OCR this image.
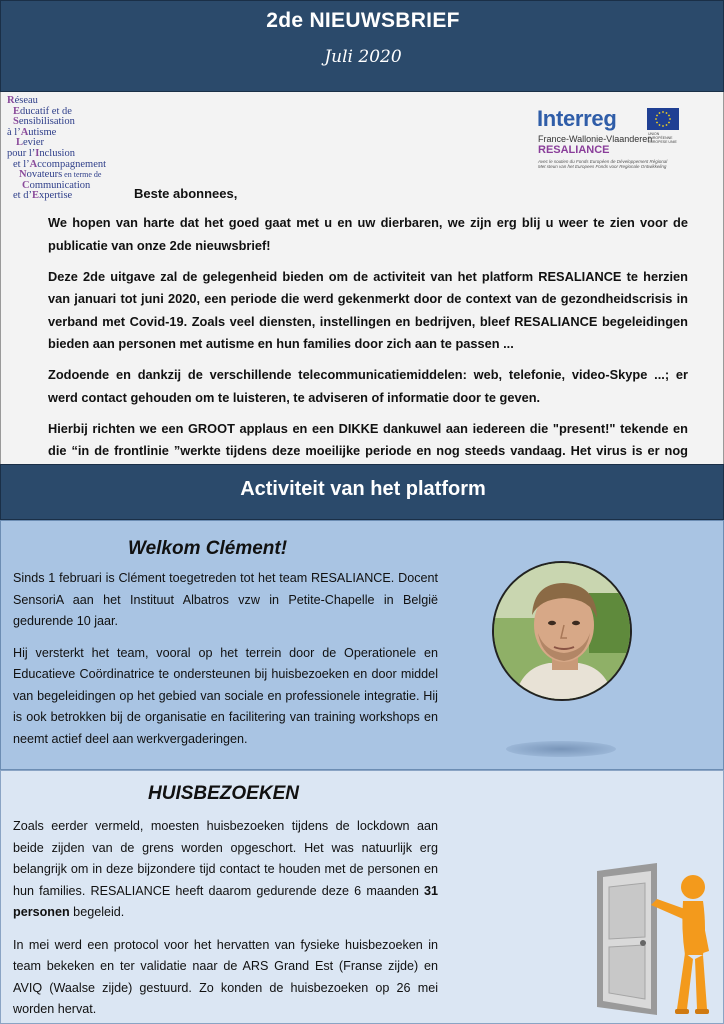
2de NIEUWSBRIEF
Juli 2020
Réseau
Educatif et de
Sensibilisation
à l’Autisme
Levier
pour l’Inclusion
et l’Accompagnement
Novateurs en terme de
Communication
et d’Expertise
Interreg
UNION EUROPÉENNE EUROPESE UNIE
France-Wallonie-Vlaanderen
RESALIANCE
Avec le soutien du Fonds Européen de Développement Régional
Met steun van het Europees Fonds voor Regionale Ontwikkeling
Beste abonnees,

We hopen van harte dat het goed gaat met u en uw dierbaren, we zijn erg blij u weer te zien voor de publicatie van onze 2de nieuwsbrief!

Deze 2de uitgave zal de gelegenheid bieden om de activiteit van het platform RESALIANCE te herzien van januari tot juni 2020, een periode die werd gekenmerkt door de context van de gezondheidscrisis in verband met Covid-19. Zoals veel diensten, instellingen en bedrijven, bleef RESALIANCE begeleidingen bieden aan personen met autisme en hun families door zich aan te passen ...

Zodoende en dankzij de verschillende telecommunicatiemiddelen: web, telefonie, video-Skype ...; er werd contact gehouden om te luisteren, te adviseren of informatie door te geven.

Hierbij richten we een GROOT applaus en een DIKKE dankuwel aan iedereen die "present!" tekende en die “in de frontlinie ”werkte tijdens deze moeilijke periode en nog steeds vandaag. Het virus is er nog

Activiteit van het platform
Welkom Clément!

Sinds 1 februari is Clément toegetreden tot het team RESALIANCE. Docent SensoriA aan het Instituut Albatros vzw in Petite-Chapelle in België gedurende 10 jaar.

Hij versterkt het team, vooral op het terrein door de Operationele en Educatieve Coördinatrice te ondersteunen bij huisbezoeken en door middel van begeleidingen op het gebied van sociale en professionele integratie. Hij is ook betrokken bij de organisatie en facilitering van training workshops en neemt actief deel aan werkvergaderingen.

HUISBEZOEKEN

Zoals eerder vermeld, moesten huisbezoeken tijdens de lockdown aan beide zijden van de grens worden opgeschort. Het was natuurlijk erg belangrijk om in deze bijzondere tijd contact te houden met de personen en hun families. RESALIANCE heeft daarom gedurende deze 6 maanden 31 personen begeleid.

In mei werd een protocol voor het hervatten van fysieke huisbezoeken in team bekeken en ter validatie naar de ARS Grand Est (Franse zijde) en AVIQ (Waalse zijde) gestuurd. Zo konden de huisbezoeken op 26 mei worden hervat.
